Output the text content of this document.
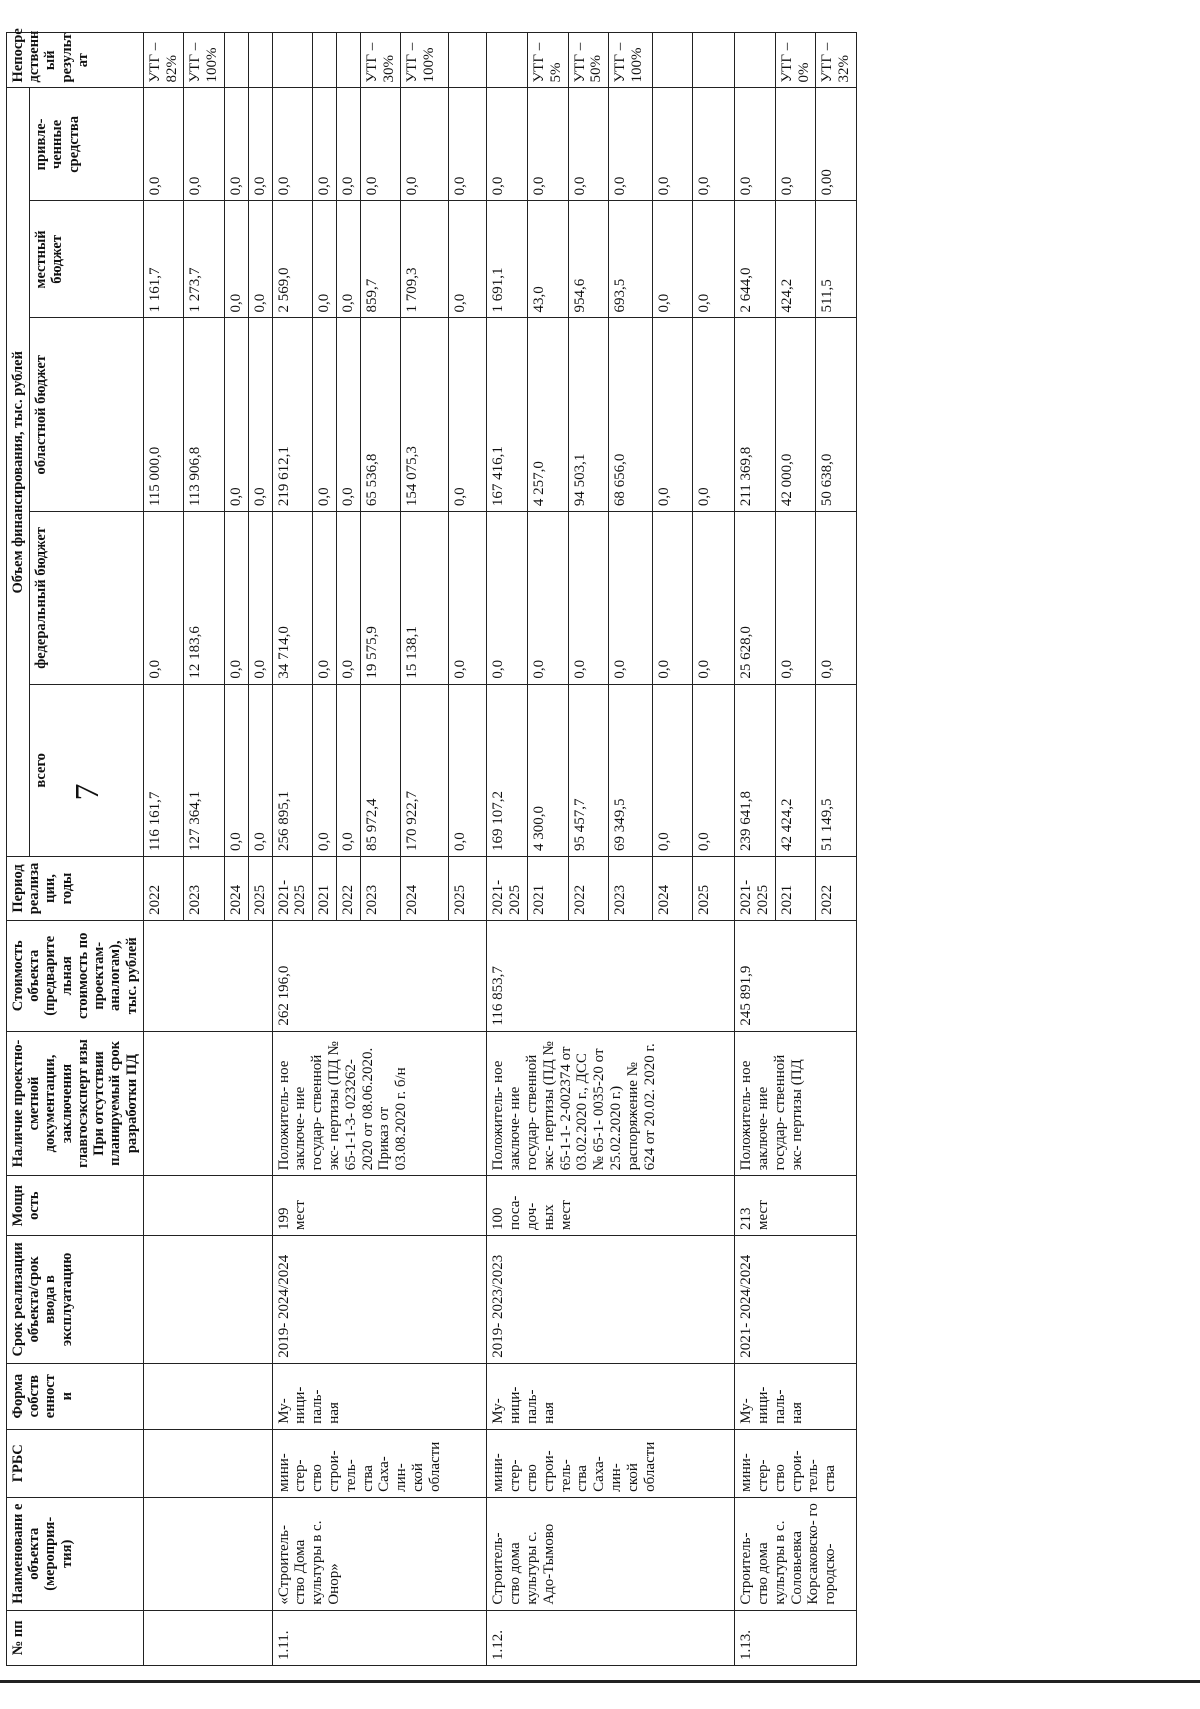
7
№ пп	Наименовани е объекта (мероприя- тия)	ГРБС	Форма собств енност и	Срок реализации объекта/срок ввода в эксплуатацию	Мощн ость	Наличие проектно- сметной документации, заключения главгосэксперт изы При отсутствии планируемый срок разработки ПД	Стоимость объекта (предварите льная стоимость по проектам- аналогам), тыс. рублей	Период реализа ции, годы	Объем финансирования, тыс. рублей					Непосре дственн ый результ ат
									всего	федеральный бюджет	областной бюджет	местный бюджет	привле- ченные средства	
								2022	116 161,7	0,0	115 000,0	1 161,7	0,0	УТГ – 82%
								2023	127 364,1	12 183,6	113 906,8	1 273,7	0,0	УТГ – 100%
								2024	0,0	0,0	0,0	0,0	0,0	
								2025	0,0	0,0	0,0	0,0	0,0	
1.11.	«Строитель- ство Дома культуры в с. Онор»	мини- стер- ство строи- тель- ства Саха- лин- ской области	Му- ници- паль- ная	2019- 2024/2024	199 мест	Положитель- ное заключе- ние государ- ственной экс- пертизы (ПД № 65-1-1-3- 023262-2020 от 08.06.2020. Приказ от 03.08.2020 г. б/н	262 196,0	2021- 2025	256 895,1	34 714,0	219 612,1	2 569,0	0,0	
								2021	0,0	0,0	0,0	0,0	0,0	
								2022	0,0	0,0	0,0	0,0	0,0	
								2023	85 972,4	19 575,9	65 536,8	859,7	0,0	УТГ – 30%
								2024	170 922,7	15 138,1	154 075,3	1 709,3	0,0	УТГ – 100%
								2025	0,0	0,0	0,0	0,0	0,0	
1.12.	Строитель- ство дома культуры с. Адо-Тымово	мини- стер- ство строи- тель- ства Саха- лин- ской области	Му- ници- паль- ная	2019- 2023/2023	100 поса- доч- ных мест	Положитель- ное заключе- ние государ- ственной экс- пертизы (ПД № 65-1-1- 2-002374 от 03.02.2020 г., ДСС № 65-1- 0035-20 от 25.02.2020 г.) распоряжение № 624 от 20.02. 2020 г.	116 853,7	2021- 2025	169 107,2	0,0	167 416,1	1 691,1	0,0	
								2021	4 300,0	0,0	4 257,0	43,0	0,0	УТГ – 5%
								2022	95 457,7	0,0	94 503,1	954,6	0,0	УТГ – 50%
								2023	69 349,5	0,0	68 656,0	693,5	0,0	УТГ – 100%
								2024	0,0	0,0	0,0	0,0	0,0	
								2025	0,0	0,0	0,0	0,0	0,0	
1.13.	Строитель- ство дома культуры в с. Соловьевка Корсаковско- го городско-	мини- стер- ство строи- тель- ства	Му- ници- паль- ная	2021- 2024/2024	213 мест	Положитель- ное заключе- ние государ- ственной экс- пертизы (ПД	245 891,9	2021- 2025	239 641,8	25 628,0	211 369,8	2 644,0	0,0	
								2021	42 424,2	0,0	42 000,0	424,2	0,0	УТГ – 0%
								2022	51 149,5	0,0	50 638,0	511,5	0,00	УТГ – 32%
